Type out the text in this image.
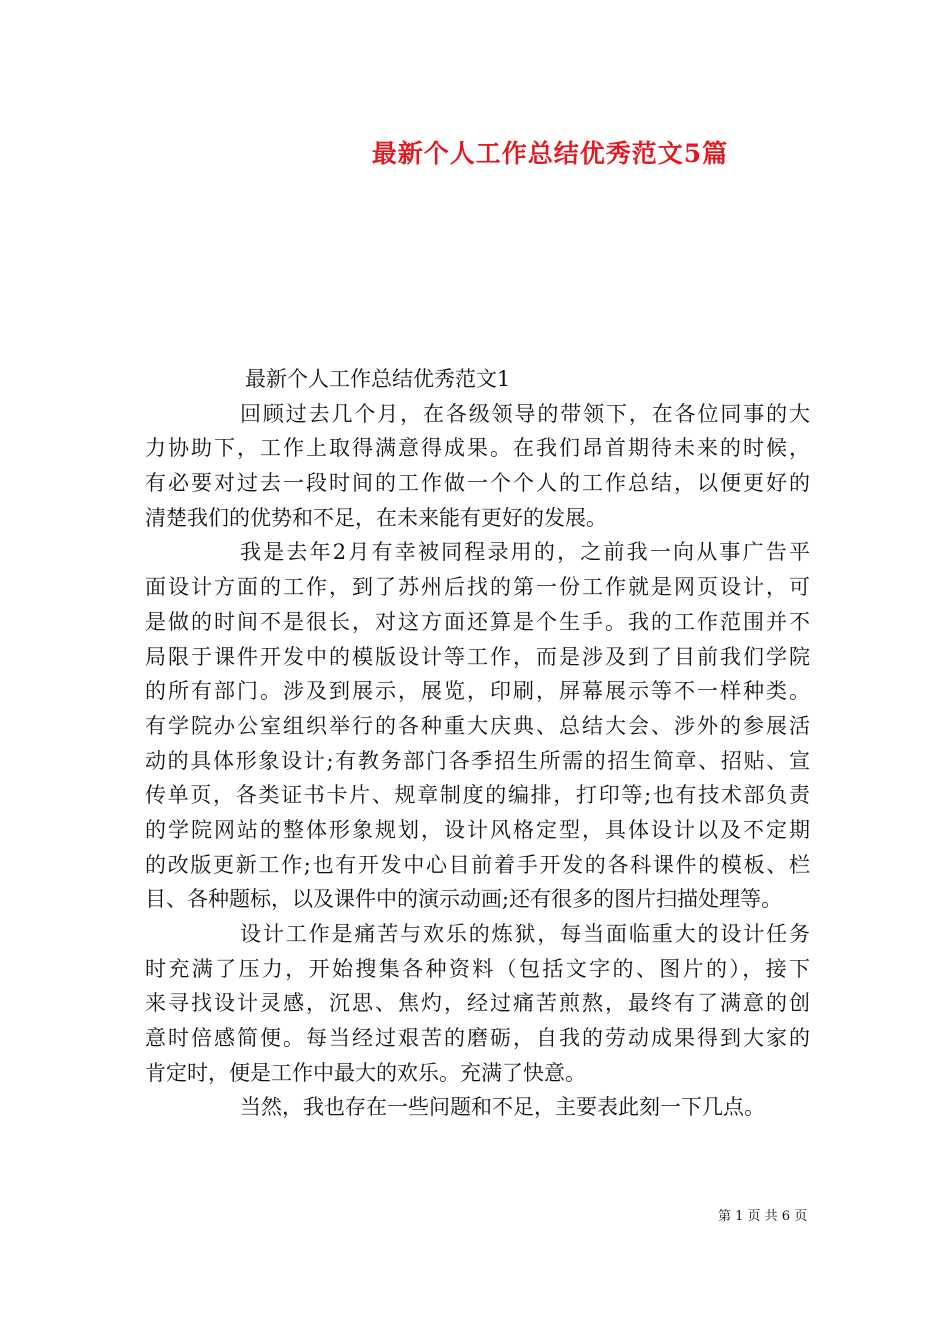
最新个人工作总结优秀范文5篇
最新个人工作总结优秀范文1
回顾过去几个月，在各级领导的带领下，在各位同事的大
力协助下，工作上取得满意得成果。在我们昂首期待未来的时候，
有必要对过去一段时间的工作做一个个人的工作总结，以便更好的
清楚我们的优势和不足，在未来能有更好的发展。
我是去年2月有幸被同程录用的，之前我一向从事广告平
面设计方面的工作，到了苏州后找的第一份工作就是网页设计，可
是做的时间不是很长，对这方面还算是个生手。我的工作范围并不
局限于课件开发中的模版设计等工作，而是涉及到了目前我们学院
的所有部门。涉及到展示，展览，印刷，屏幕展示等不一样种类。
有学院办公室组织举行的各种重大庆典、总结大会、涉外的参展活
动的具体形象设计;有教务部门各季招生所需的招生简章、招贴、宣
传单页，各类证书卡片、规章制度的编排，打印等;也有技术部负责
的学院网站的整体形象规划，设计风格定型，具体设计以及不定期
的改版更新工作;也有开发中心目前着手开发的各科课件的模板、栏
目、各种题标，以及课件中的演示动画;还有很多的图片扫描处理等。
设计工作是痛苦与欢乐的炼狱，每当面临重大的设计任务
时充满了压力，开始搜集各种资料（包括文字的、图片的），接下
来寻找设计灵感，沉思、焦灼，经过痛苦煎熬，最终有了满意的创
意时倍感简便。每当经过艰苦的磨砺，自我的劳动成果得到大家的
肯定时，便是工作中最大的欢乐。充满了快意。
当然，我也存在一些问题和不足，主要表此刻一下几点。
第 1 页 共 6 页
